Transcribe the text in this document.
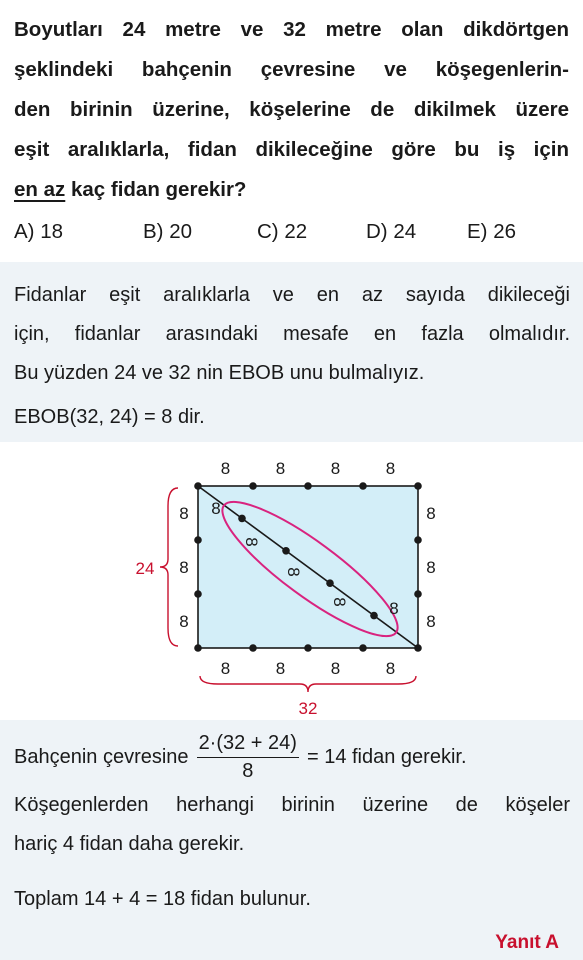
Boyutları 24 metre ve 32 metre olan dikdörtgen
şeklindeki bahçenin çevresine ve köşegenlerin-
den birinin üzerine, köşelerine de dikilmek üzere
eşit aralıklarla, fidan dikileceğine göre bu iş için
en az kaç fidan gerekir?
A) 18	B) 20	C) 22	D) 24 E) 26
Fidanlar eşit aralıklarla ve en az sayıda dikileceği
için, fidanlar arasındaki mesafe en fazla olmalıdır.
Bu yüzden 24 ve 32 nin EBOB unu bulmalıyız.
EBOB(32, 24) = 8 dir.
8
8
8
8
8
8
8
8
8	8
8	8
8	8
8
8
8
8 8
24
32
Bahçenin çevresine $\frac{2\cdot(32 + 24)}{8} = 14$ fidan gerekir.
Köşegenlerden herhangi birinin üzerine de köşeler
hariç 4 fidan daha gerekir.
Toplam 14 + 4 = 18 fidan bulunur.
Yanıt A
